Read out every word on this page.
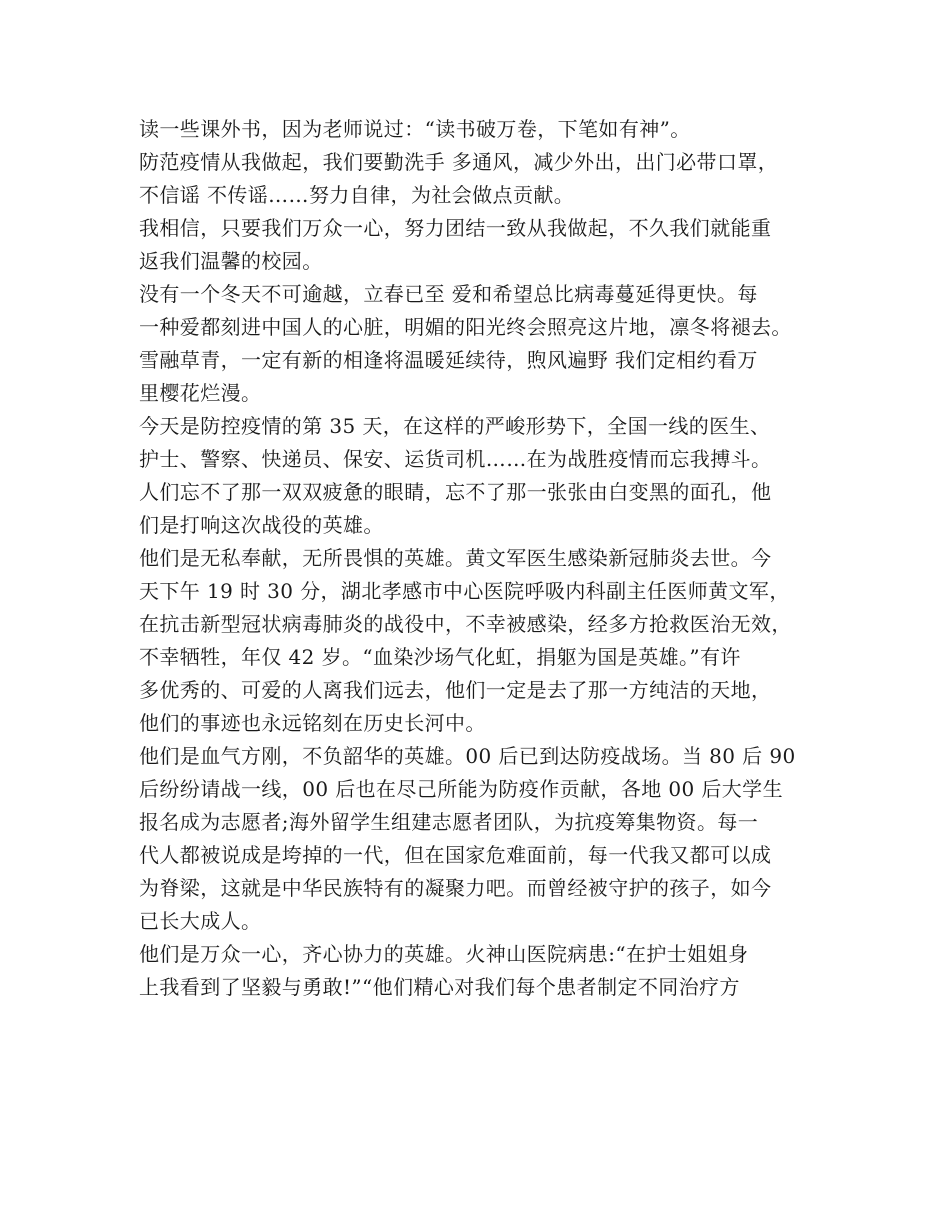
读一些课外书，因为老师说过：“读书破万卷，下笔如有神”。
防范疫情从我做起，我们要勤洗手 多通风，减少外出，出门必带口罩，
不信谣 不传谣……努力自律，为社会做点贡献。
我相信，只要我们万众一心，努力团结一致从我做起，不久我们就能重
返我们温馨的校园。
没有一个冬天不可逾越，立春已至 爱和希望总比病毒蔓延得更快。每
一种爱都刻进中国人的心脏，明媚的阳光终会照亮这片地，凛冬将褪去。
雪融草青，一定有新的相逢将温暖延续待，煦风遍野 我们定相约看万
里樱花烂漫。
今天是防控疫情的第 35 天，在这样的严峻形势下，全国一线的医生、
护士、警察、快递员、保安、运货司机……在为战胜疫情而忘我搏斗。
人们忘不了那一双双疲惫的眼睛，忘不了那一张张由白变黑的面孔，他
们是打响这次战役的英雄。
他们是无私奉献，无所畏惧的英雄。黄文军医生感染新冠肺炎去世。今
天下午 19 时 30 分，湖北孝感市中心医院呼吸内科副主任医师黄文军，
在抗击新型冠状病毒肺炎的战役中，不幸被感染，经多方抢救医治无效，
不幸牺牲，年仅 42 岁。“血染沙场气化虹，捐躯为国是英雄。”有许
多优秀的、可爱的人离我们远去，他们一定是去了那一方纯洁的天地，
他们的事迹也永远铭刻在历史长河中。
他们是血气方刚，不负韶华的英雄。00 后已到达防疫战场。当 80 后 90
后纷纷请战一线，00 后也在尽己所能为防疫作贡献，各地 00 后大学生
报名成为志愿者;海外留学生组建志愿者团队，为抗疫筹集物资。每一
代人都被说成是垮掉的一代，但在国家危难面前，每一代我又都可以成
为脊梁，这就是中华民族特有的凝聚力吧。而曾经被守护的孩子，如今
已长大成人。
他们是万众一心，齐心协力的英雄。火神山医院病患:“在护士姐姐身
上我看到了坚毅与勇敢!”“他们精心对我们每个患者制定不同治疗方
